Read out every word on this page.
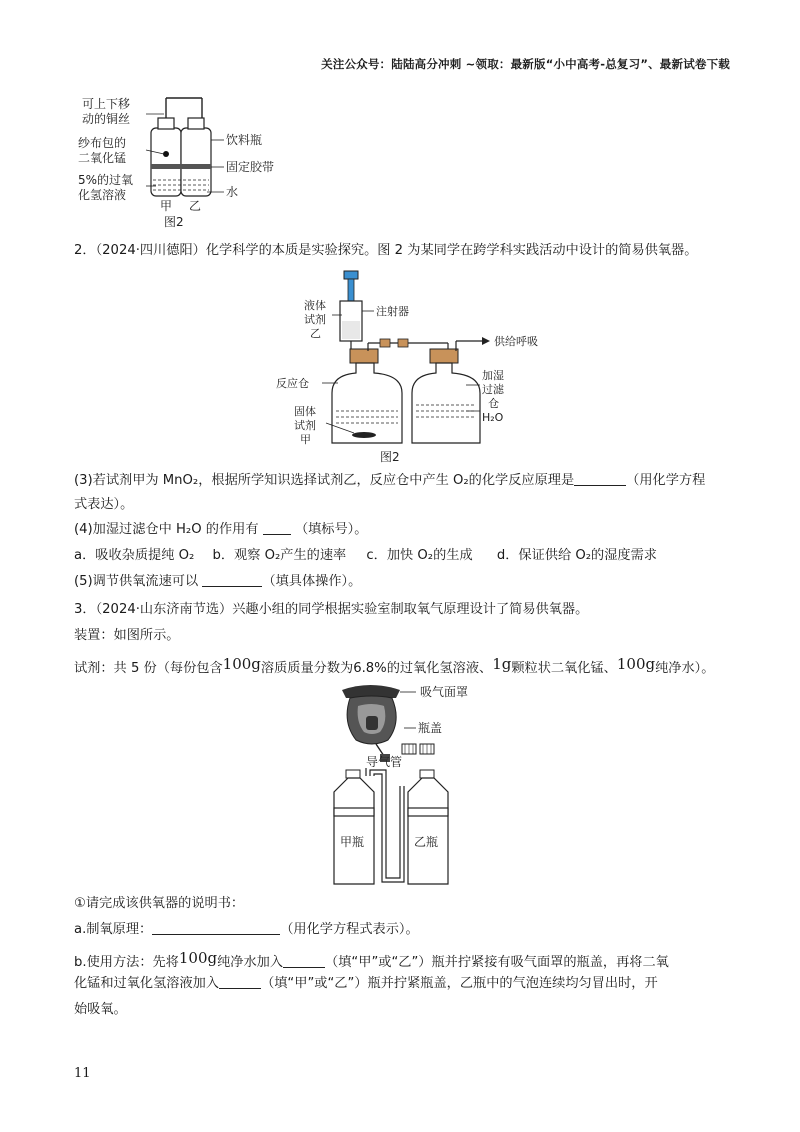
关注公众号：陆陆高分冲刺 ~领取：最新版“小中高考-总复习”、最新试卷下载
可上下移
动的铜丝
纱布包的
二氧化锰
5%的过氧
化氢溶液
饮料瓶
固定胶带
水
甲 乙
图2
2．（2024·四川德阳）化学科学的本质是实验探究。图 2 为某同学在跨学科实践活动中设计的简易供氧器。
液体
试剂
乙
注射器
供给呼吸
反应仓
加湿
过滤
仓
H₂O
固体
试剂
甲
图2
(3)若试剂甲为 MnO₂，根据所学知识选择试剂乙，反应仓中产生 O₂的化学反应原理是	（用化学方程
式表达）。
(4)加湿过滤仓中 H₂O 的作用有	（填标号）。
a．吸收杂质提纯 O₂ b．观察 O₂产生的速率 c．加快 O₂的生成 d．保证供给 O₂的湿度需求
(5)调节供氧流速可以	（填具体操作）。
3．（2024·山东济南节选）兴趣小组的同学根据实验室制取氧气原理设计了简易供氧器。
装置：如图所示。
试剂：共 5 份（每份包含100g溶质质量分数为6.8%的过氧化氢溶液、1g颗粒状二氧化锰、100g纯净水）。
吸气面罩
瓶盖
导气管
甲瓶	乙瓶
①请完成该供氧器的说明书：
a.制氧原理：	（用化学方程式表示）。
b.使用方法：先将100g纯净水加入	（填“甲”或“乙”）瓶并拧紧接有吸气面罩的瓶盖，再将二氧
化锰和过氧化氢溶液加入	（填“甲”或“乙”）瓶并拧紧瓶盖，乙瓶中的气泡连续均匀冒出时，开
始吸氧。
11
